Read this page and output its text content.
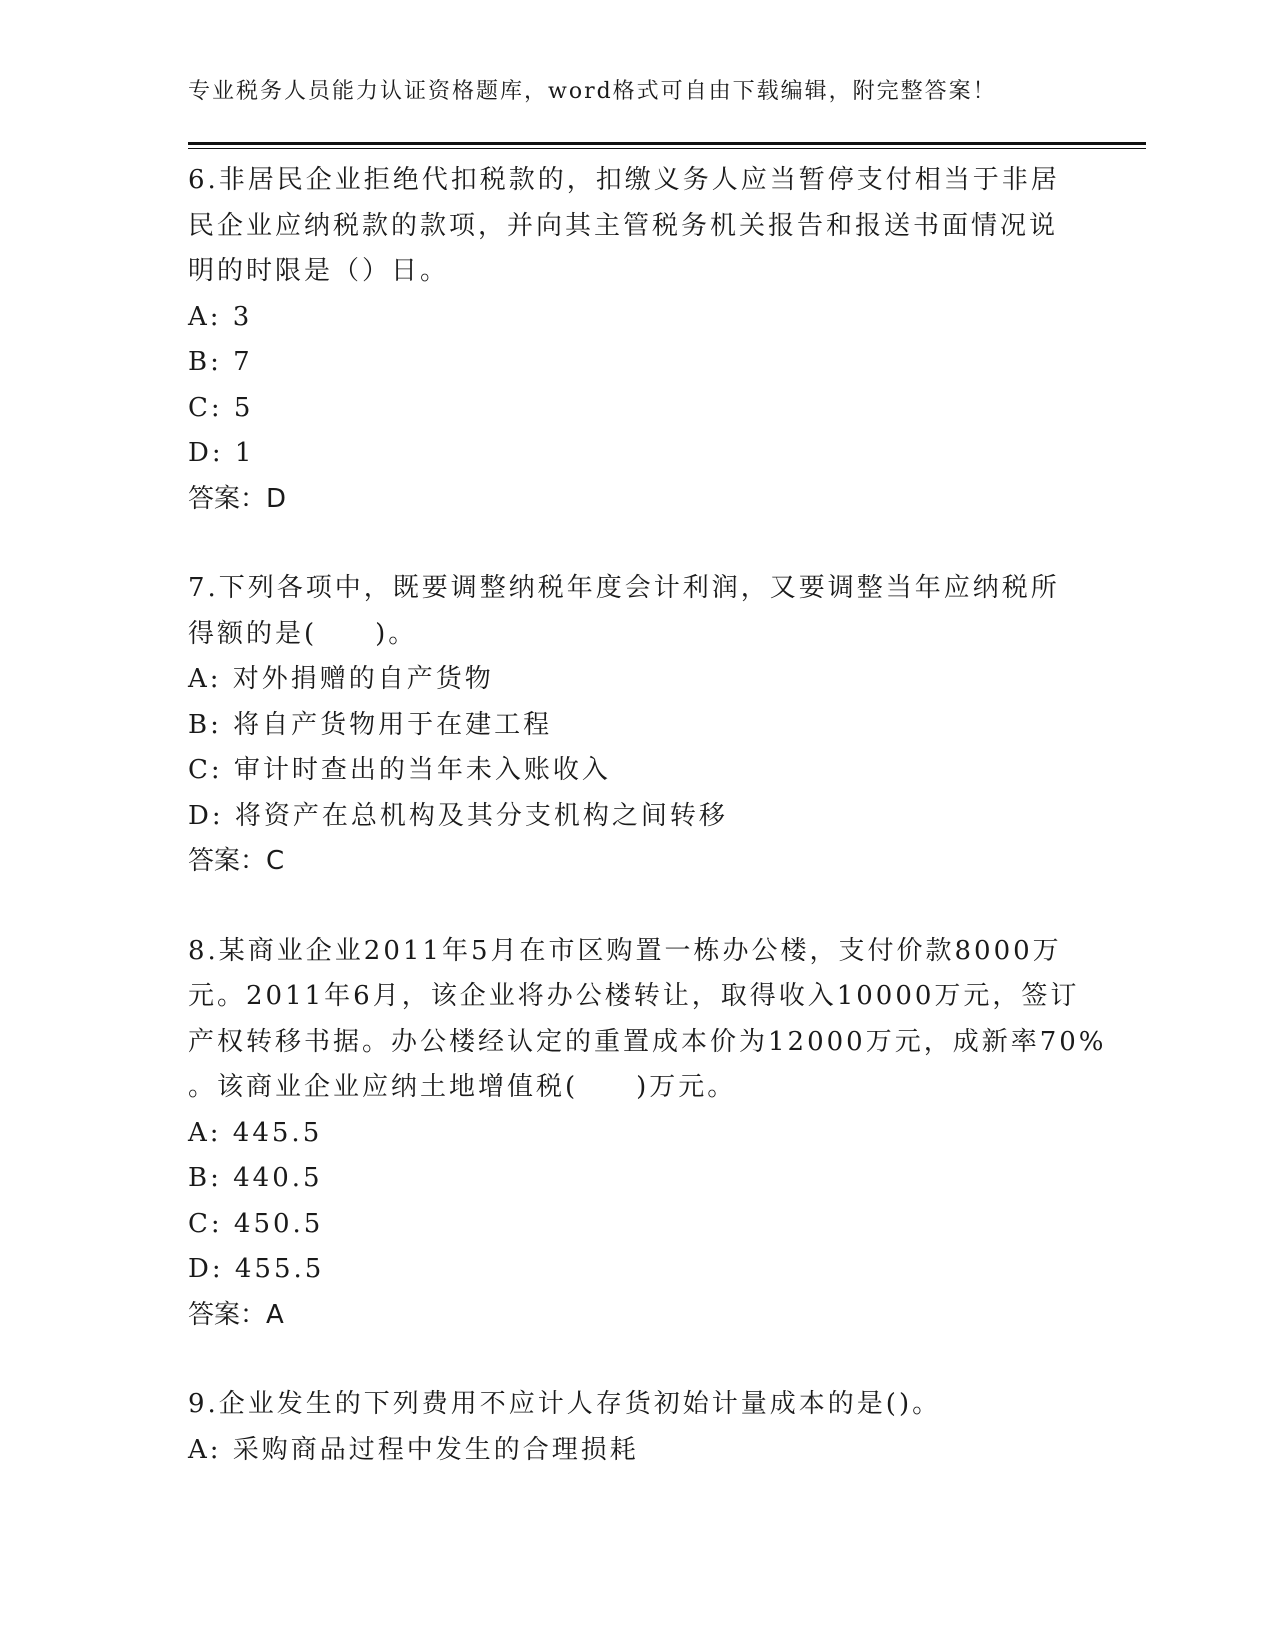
专业税务人员能力认证资格题库，word格式可自由下载编辑，附完整答案！
6.非居民企业拒绝代扣税款的，扣缴义务人应当暂停支付相当于非居
民企业应纳税款的款项，并向其主管税务机关报告和报送书面情况说
明的时限是（）日。
A: 3
B: 7
C: 5
D: 1
答案：D
7.下列各项中，既要调整纳税年度会计利润，又要调整当年应纳税所
得额的是(　　)。
A: 对外捐赠的自产货物
B: 将自产货物用于在建工程
C: 审计时查出的当年未入账收入
D: 将资产在总机构及其分支机构之间转移
答案：C
8.某商业企业2011年5月在市区购置一栋办公楼，支付价款8000万
元。2011年6月，该企业将办公楼转让，取得收入10000万元，签订
产权转移书据。办公楼经认定的重置成本价为12000万元，成新率70%
。该商业企业应纳土地增值税(　　)万元。
A: 445.5
B: 440.5
C: 450.5
D: 455.5
答案：A
9.企业发生的下列费用不应计人存货初始计量成本的是()。
A: 采购商品过程中发生的合理损耗
